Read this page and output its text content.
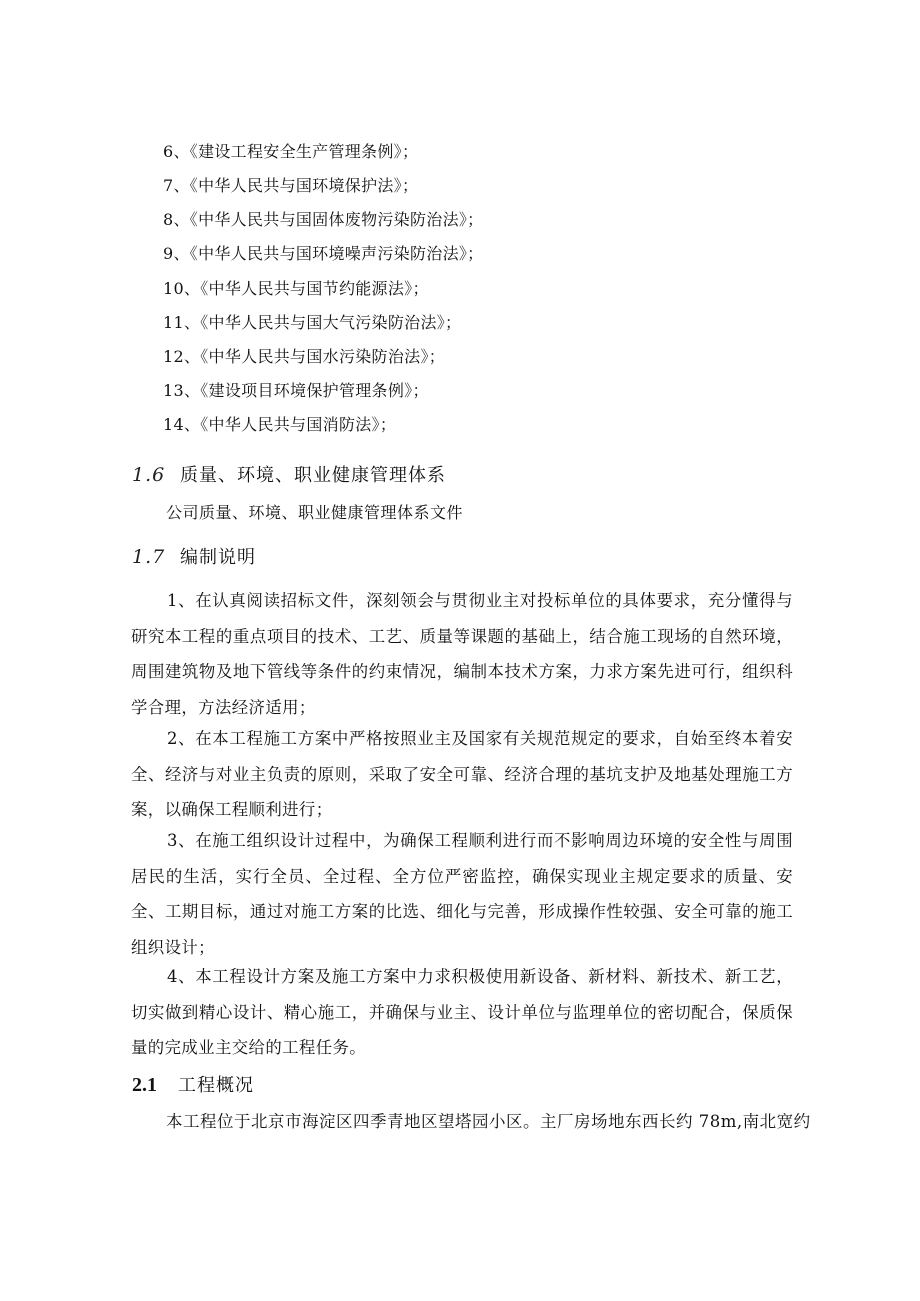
6、《建设工程安全生产管理条例》；
7、《中华人民共与国环境保护法》；
8、《中华人民共与国固体废物污染防治法》；
9、《中华人民共与国环境噪声污染防治法》；
10、《中华人民共与国节约能源法》；
11、《中华人民共与国大气污染防治法》；
12、《中华人民共与国水污染防治法》；
13、《建设项目环境保护管理条例》；
14、《中华人民共与国消防法》；
1.6 质量、环境、职业健康管理体系
公司质量、环境、职业健康管理体系文件
1.7 编制说明

1、在认真阅读招标文件，深刻领会与贯彻业主对投标单位的具体要求，充分懂得与研究本工程的重点项目的技术、工艺、质量等课题的基础上，结合施工现场的自然环境，周围建筑物及地下管线等条件的约束情况，编制本技术方案，力求方案先进可行，组织科学合理，方法经济适用；

2、在本工程施工方案中严格按照业主及国家有关规范规定的要求，自始至终本着安全、经济与对业主负责的原则，采取了安全可靠、经济合理的基坑支护及地基处理施工方案，以确保工程顺利进行；

3、在施工组织设计过程中，为确保工程顺利进行而不影响周边环境的安全性与周围居民的生活，实行全员、全过程、全方位严密监控，确保实现业主规定要求的质量、安全、工期目标，通过对施工方案的比选、细化与完善，形成操作性较强、安全可靠的施工组织设计；

4、本工程设计方案及施工方案中力求积极使用新设备、新材料、新技术、新工艺，切实做到精心设计、精心施工，并确保与业主、设计单位与监理单位的密切配合，保质保量的完成业主交给的工程任务。

2.1 工程概况
本工程位于北京市海淀区四季青地区望塔园小区。主厂房场地东西长约 78m,南北宽约
